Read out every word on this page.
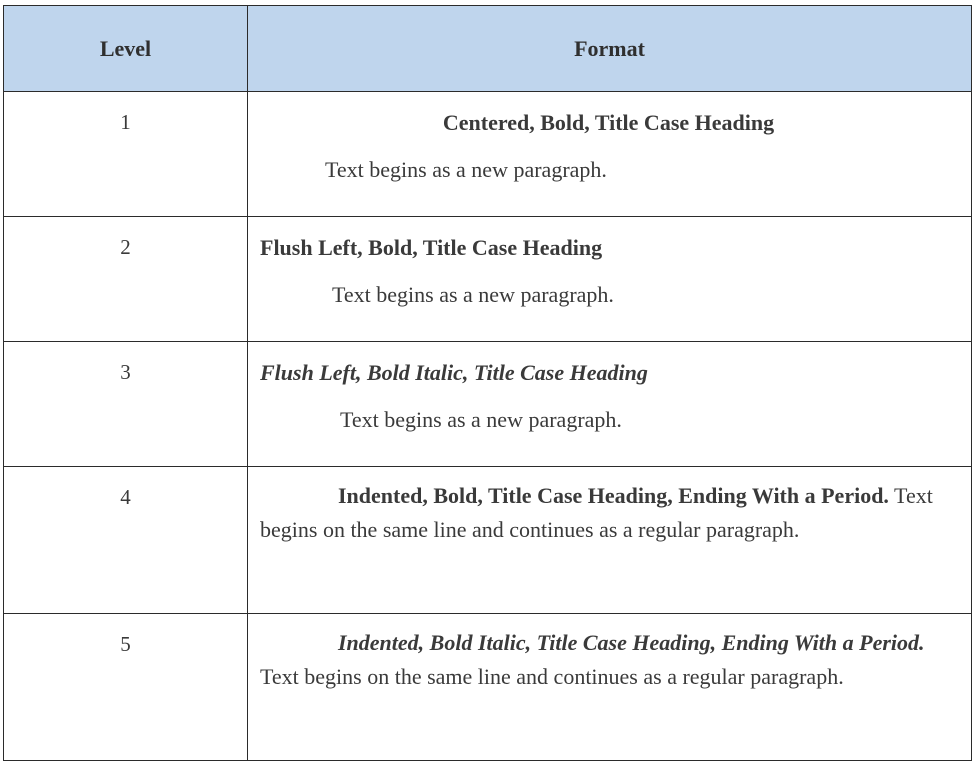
Level	Format
1	Centered, Bold, Title Case Heading
Text begins as a new paragraph.

2	Flush Left, Bold, Title Case Heading
Text begins as a new paragraph.

3	Flush Left, Bold Italic, Title Case Heading
Text begins as a new paragraph.

4	Indented, Bold, Title Case Heading, Ending With a Period. Text begins on the same line and continues as a regular paragraph.

5	Indented, Bold Italic, Title Case Heading, Ending With a Period. Text begins on the same line and continues as a regular paragraph.
